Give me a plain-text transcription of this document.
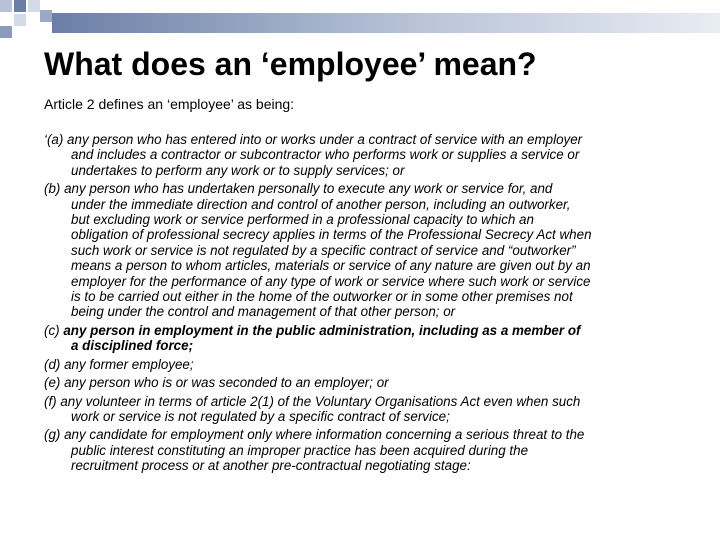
What does an ‘employee’ mean?
Article 2 defines an ‘employee’ as being:
‘(a) any person who has entered into or works under a contract of service with an employer
and includes a contractor or subcontractor who performs work or supplies a service or
undertakes to perform any work or to supply services; or
(b) any person who has undertaken personally to execute any work or service for, and
under the immediate direction and control of another person, including an outworker,
but excluding work or service performed in a professional capacity to which an
obligation of professional secrecy applies in terms of the Professional Secrecy Act when
such work or service is not regulated by a specific contract of service and “outworker”
means a person to whom articles, materials or service of any nature are given out by an
employer for the performance of any type of work or service where such work or service
is to be carried out either in the home of the outworker or in some other premises not
being under the control and management of that other person; or
(c) any person in employment in the public administration, including as a member of
a disciplined force;
(d) any former employee;
(e) any person who is or was seconded to an employer; or
(f) any volunteer in terms of article 2(1) of the Voluntary Organisations Act even when such
work or service is not regulated by a specific contract of service;
(g) any candidate for employment only where information concerning a serious threat to the
public interest constituting an improper practice has been acquired during the
recruitment process or at another pre-contractual negotiating stage:
